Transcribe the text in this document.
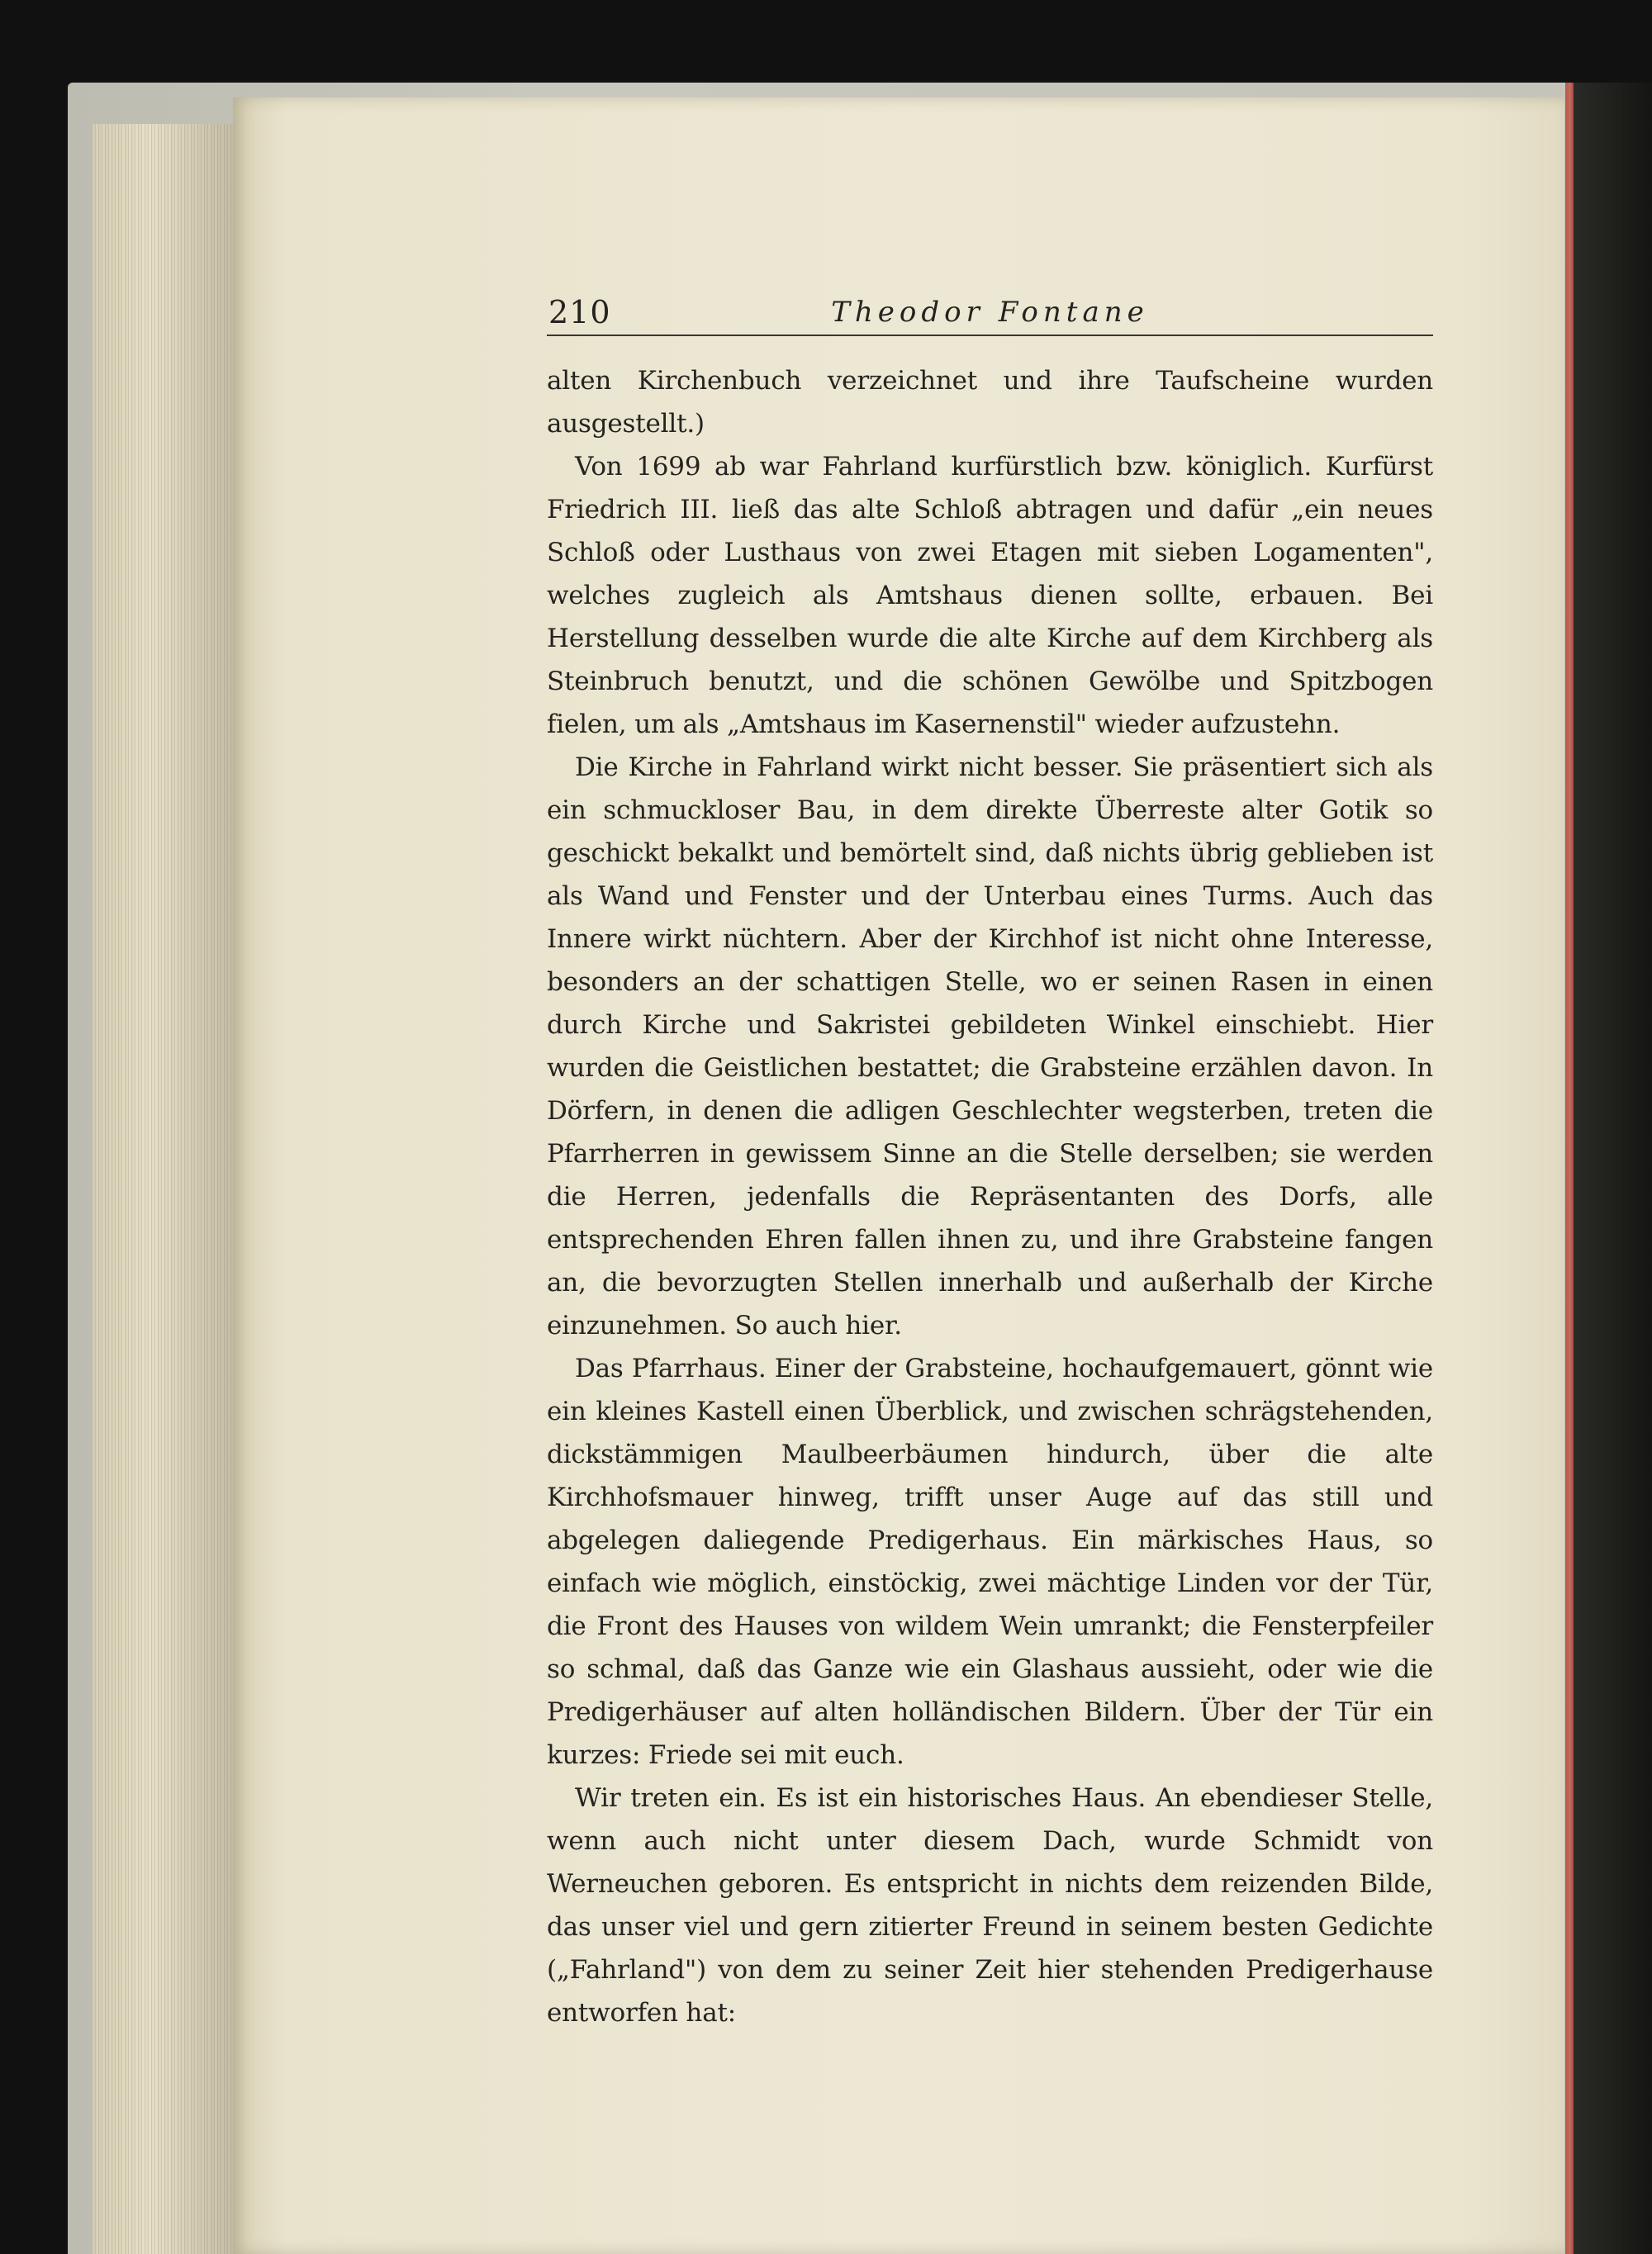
210	Theodor Fontane

alten Kirchenbuch verzeichnet und ihre Taufscheine wurden ausgestellt.)

Von 1699 ab war Fahrland kurfürstlich bzw. königlich. Kurfürst Friedrich III. ließ das alte Schloß abtragen und dafür „ein neues Schloß oder Lusthaus von zwei Etagen mit sieben Logamenten", welches zugleich als Amtshaus dienen sollte, erbauen. Bei Herstellung desselben wurde die alte Kirche auf dem Kirchberg als Steinbruch benutzt, und die schönen Gewölbe und Spitzbogen fielen, um als „Amtshaus im Kasernenstil" wieder aufzustehn.

Die Kirche in Fahrland wirkt nicht besser. Sie präsentiert sich als ein schmuckloser Bau, in dem direkte Überreste alter Gotik so geschickt bekalkt und bemörtelt sind, daß nichts übrig geblieben ist als Wand und Fenster und der Unterbau eines Turms. Auch das Innere wirkt nüchtern. Aber der Kirchhof ist nicht ohne Interesse, besonders an der schattigen Stelle, wo er seinen Rasen in einen durch Kirche und Sakristei gebildeten Winkel einschiebt. Hier wurden die Geistlichen bestattet; die Grabsteine erzählen davon. In Dörfern, in denen die adligen Geschlechter wegsterben, treten die Pfarrherren in gewissem Sinne an die Stelle derselben; sie werden die Herren, jedenfalls die Repräsentanten des Dorfs, alle entsprechenden Ehren fallen ihnen zu, und ihre Grabsteine fangen an, die bevorzugten Stellen innerhalb und außerhalb der Kirche einzunehmen. So auch hier.

Das Pfarrhaus. Einer der Grabsteine, hochaufgemauert, gönnt wie ein kleines Kastell einen Überblick, und zwischen schrägstehenden, dickstämmigen Maulbeerbäumen hindurch, über die alte Kirchhofsmauer hinweg, trifft unser Auge auf das still und abgelegen daliegende Predigerhaus. Ein märkisches Haus, so einfach wie möglich, einstöckig, zwei mächtige Linden vor der Tür, die Front des Hauses von wildem Wein umrankt; die Fensterpfeiler so schmal, daß das Ganze wie ein Glashaus aussieht, oder wie die Predigerhäuser auf alten holländischen Bildern. Über der Tür ein kurzes: Friede sei mit euch.

Wir treten ein. Es ist ein historisches Haus. An ebendieser Stelle, wenn auch nicht unter diesem Dach, wurde Schmidt von Werneuchen geboren. Es entspricht in nichts dem reizenden Bilde, das unser viel und gern zitierter Freund in seinem besten Gedichte („Fahrland") von dem zu seiner Zeit hier stehenden Predigerhause entworfen hat:
